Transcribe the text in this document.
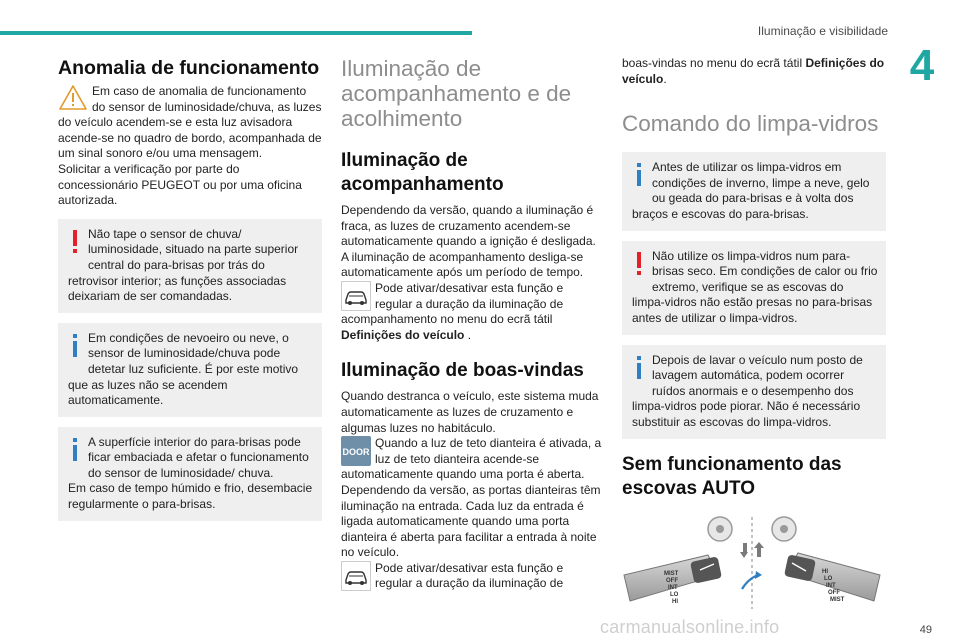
Iluminação e visibilidade
4
Anomalia de funcionamento

Em caso de anomalia de funcionamento do sensor de luminosidade/chuva, as luzes do veículo acendem-se e esta luz avisadora acende-se no quadro de bordo, acompanhada de um sinal sonoro e/ou uma mensagem.

Solicitar a verificação por parte do concessionário PEUGEOT ou por uma oficina autorizada.

Não tape o sensor de chuva/ luminosidade, situado na parte superior central do para-brisas por trás do retrovisor interior; as funções associadas deixariam de ser comandadas.

Em condições de nevoeiro ou neve, o sensor de luminosidade/chuva pode detetar luz suficiente. É por este motivo que as luzes não se acendem automaticamente.

A superfície interior do para-brisas pode ficar embaciada e afetar o funcionamento do sensor de luminosidade/ chuva.

Em caso de tempo húmido e frio, desembacie regularmente o para-brisas.

Iluminação de acompanhamento e de acolhimento
Iluminação de acompanhamento

Dependendo da versão, quando a iluminação é fraca, as luzes de cruzamento acendem-se automaticamente quando a ignição é desligada. A iluminação de acompanhamento desliga-se automaticamente após um período de tempo.

Pode ativar/desativar esta função e regular a duração da iluminação de acompanhamento no menu do ecrã tátil Definições do veículo .

Iluminação de boas-vindas

Quando destranca o veículo, este sistema muda automaticamente as luzes de cruzamento e algumas luzes no habitáculo.

DOOR

Quando a luz de teto dianteira é ativada, a luz de teto dianteira acende-se automaticamente quando uma porta é aberta.

Dependendo da versão, as portas dianteiras têm iluminação na entrada. Cada luz da entrada é ligada automaticamente quando uma porta dianteira é aberta para facilitar a entrada à noite no veículo.

Pode ativar/desativar esta função e regular a duração da iluminação de

boas-vindas no menu do ecrã tátil Definições do veículo.

Comando do limpa-vidros

Antes de utilizar os limpa-vidros em condições de inverno, limpe a neve, gelo ou geada do para-brisas e à volta dos braços e escovas do para-brisas.

Não utilize os limpa-vidros num para-brisas seco. Em condições de calor ou frio extremo, verifique se as escovas do limpa-vidros não estão presas no para-brisas antes de utilizar o limpa-vidros.

Depois de lavar o veículo num posto de lavagem automática, podem ocorrer ruídos anormais e o desempenho dos limpa-vidros pode piorar. Não é necessário substituir as escovas do limpa-vidros.

Sem funcionamento das escovas AUTO
MIST
OFF
INT
LO
HI
HI
LO
INT
OFF
MIST
carmanualsonline.info	49
